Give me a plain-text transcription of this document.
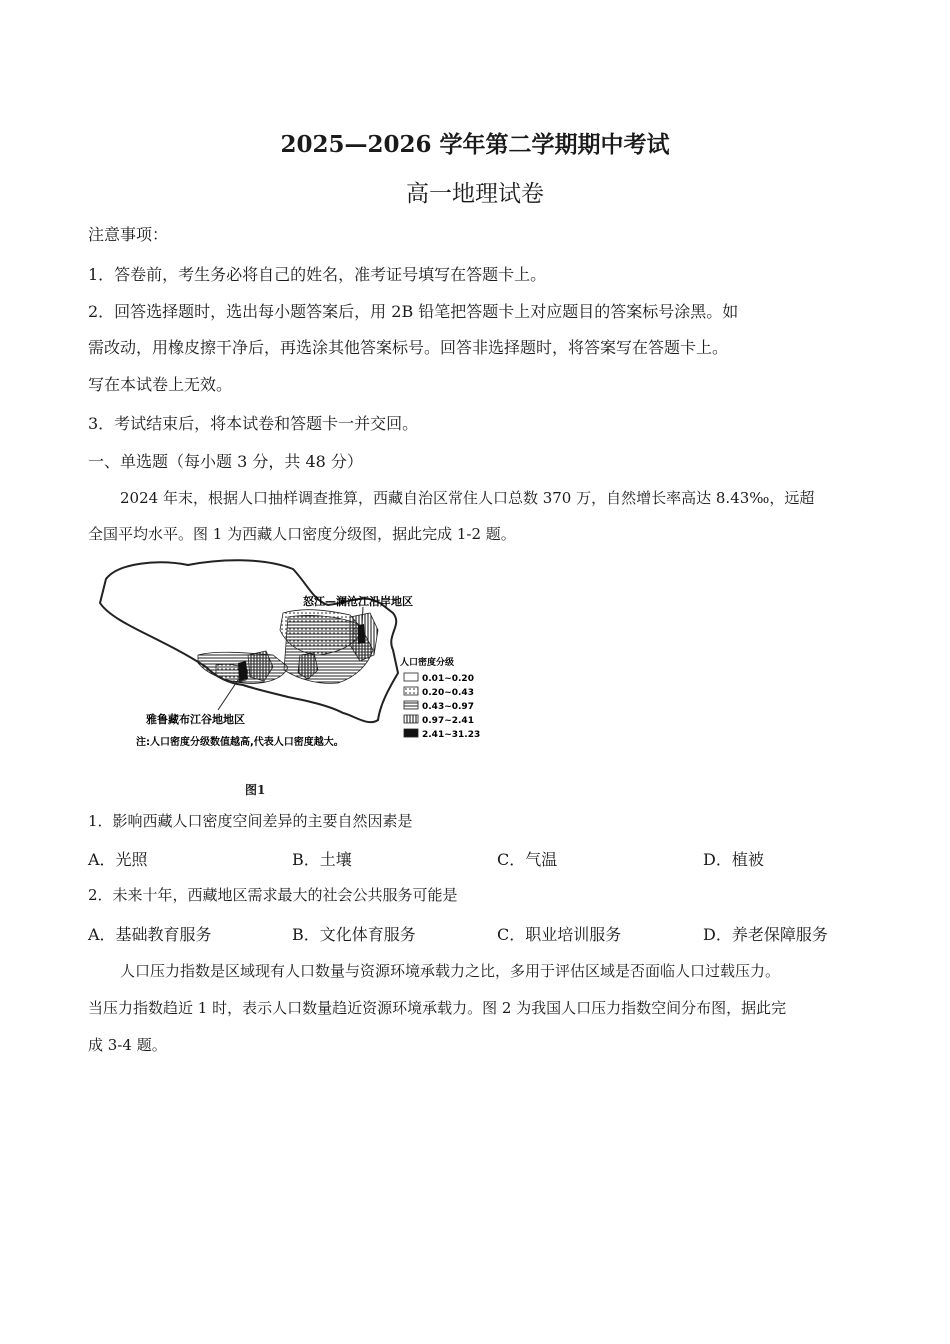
2025—2026 学年第二学期期中考试
高一地理试卷
注意事项：
1．答卷前，考生务必将自己的姓名，准考证号填写在答题卡上。
2．回答选择题时，选出每小题答案后，用 2B 铅笔把答题卡上对应题目的答案标号涂黑。如
需改动，用橡皮擦干净后，再选涂其他答案标号。回答非选择题时，将答案写在答题卡上。
写在本试卷上无效。
3．考试结束后，将本试卷和答题卡一并交回。
一、单选题（每小题 3 分，共 48 分）
2024 年末，根据人口抽样调查推算，西藏自治区常住人口总数 370 万，自然增长率高达 8.43‰，远超
全国平均水平。图 1 为西藏人口密度分级图，据此完成 1-2 题。
怒江—澜沧江沿岸地区
雅鲁藏布江谷地地区
注:人口密度分级数值越高,代表人口密度越大。
人口密度分级
0.01~0.20
0.20~0.43
0.43~0.97
0.97~2.41
2.41~31.23
图1
1．影响西藏人口密度空间差异的主要自然因素是
A．光照	B．土壤	C．气温	D．植被
2．未来十年，西藏地区需求最大的社会公共服务可能是
A．基础教育服务	B．文化体育服务	C．职业培训服务	D．养老保障服务
人口压力指数是区域现有人口数量与资源环境承载力之比，多用于评估区域是否面临人口过载压力。
当压力指数趋近 1 时，表示人口数量趋近资源环境承载力。图 2 为我国人口压力指数空间分布图，据此完
成 3-4 题。
